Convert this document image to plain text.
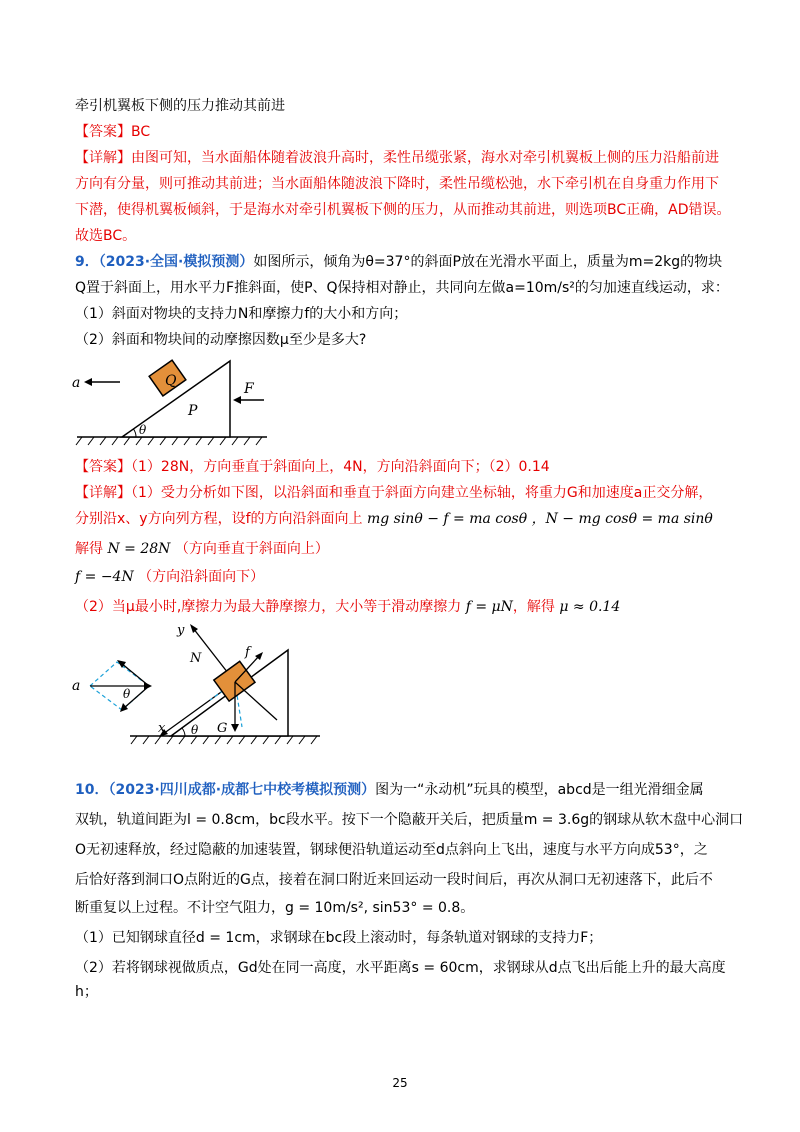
牵引机翼板下侧的压力推动其前进
【答案】BC
【详解】由图可知，当水面船体随着波浪升高时，柔性吊缆张紧，海水对牵引机翼板上侧的压力沿船前进
方向有分量，则可推动其前进；当水面船体随波浪下降时，柔性吊缆松弛，水下牵引机在自身重力作用下
下潜，使得机翼板倾斜，于是海水对牵引机翼板下侧的压力，从而推动其前进，则选项BC正确，AD错误。
故选BC。
9．（2023·全国·模拟预测）如图所示，倾角为θ=37°的斜面P放在光滑水平面上，质量为m=2kg的物块
Q置于斜面上，用水平力F推斜面，使P、Q保持相对静止，共同向左做a=10m/s²的匀加速直线运动，求：
（1）斜面对物块的支持力N和摩擦力f的大小和方向；
（2）斜面和物块间的动摩擦因数μ至少是多大?
Q
P
θ
a	F
【答案】（1）28N，方向垂直于斜面向上，4N，方向沿斜面向下；（2）0.14
【详解】（1）受力分析如下图，以沿斜面和垂直于斜面方向建立坐标轴，将重力G和加速度a正交分解，
分别沿x、y方向列方程，设f的方向沿斜面向上 mg sinθ − f = ma cosθ ，N − mg cosθ = ma sinθ
解得 N = 28N （方向垂直于斜面向上）
f = −4N （方向沿斜面向下）
（2）当μ最小时,摩擦力为最大静摩擦力，大小等于滑动摩擦力 f = μN，解得 μ ≈ 0.14
a	θ
y
N	f
x θ G
10．（2023·四川成都·成都七中校考模拟预测）图为一“永动机”玩具的模型，abcd是一组光滑细金属
双轨，轨道间距为l = 0.8cm，bc段水平。按下一个隐蔽开关后，把质量m = 3.6g的钢球从软木盘中心洞口
O无初速释放，经过隐蔽的加速装置，钢球便沿轨道运动至d点斜向上飞出，速度与水平方向成53°，之
后恰好落到洞口O点附近的G点，接着在洞口附近来回运动一段时间后，再次从洞口无初速落下，此后不
断重复以上过程。不计空气阻力，g = 10m/s², sin53° = 0.8。
（1）已知钢球直径d = 1cm，求钢球在bc段上滚动时，每条轨道对钢球的支持力F；
（2）若将钢球视做质点，Gd处在同一高度，水平距离s = 60cm，求钢球从d点飞出后能上升的最大高度
h；
25
